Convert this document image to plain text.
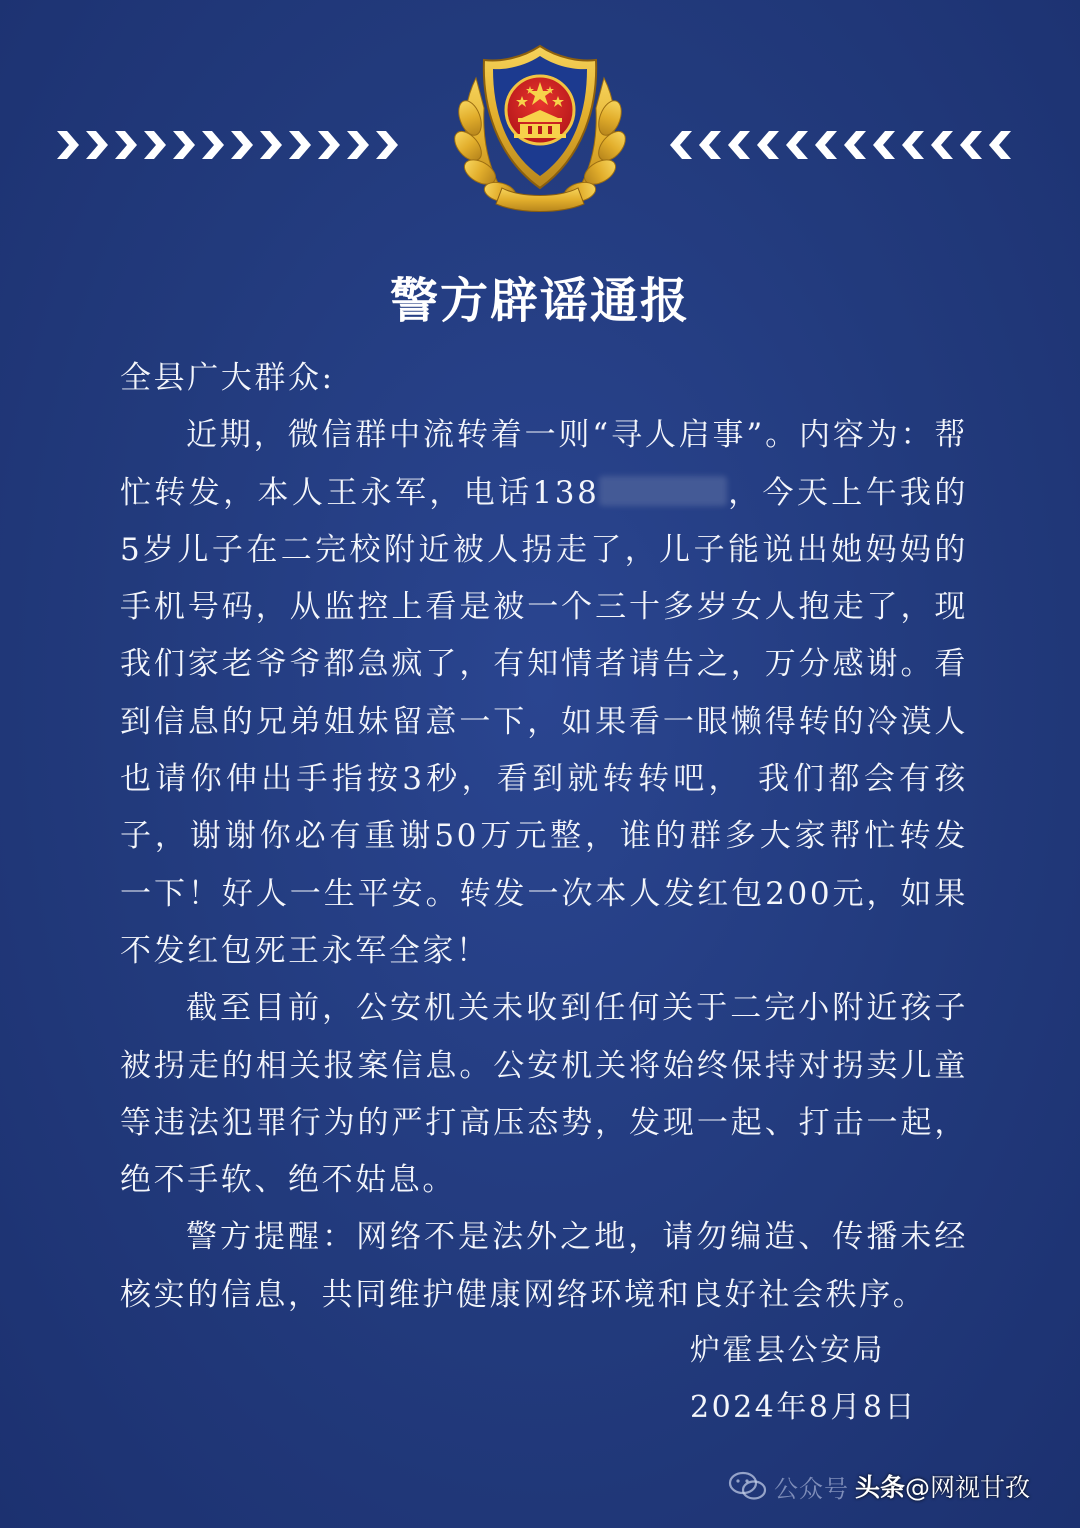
警方辟谣通报

全县广大群众:

近期，微信群中流转着一则“寻人启事”。内容为：帮忙转发，本人王永军，电话138	，今天上午我的5岁儿子在二完校附近被人拐走了，儿子能说出她妈妈的手机号码，从监控上看是被一个三十多岁女人抱走了，现我们家老爷爷都急疯了，有知情者请告之，万分感谢。看到信息的兄弟姐妹留意一下，如果看一眼懒得转的冷漠人也请你伸出手指按3秒，看到就转转吧， 我们都会有孩子，谢谢你必有重谢50万元整，谁的群多大家帮忙转发一下！好人一生平安。转发一次本人发红包200元，如果不发红包死王永军全家！

截至目前，公安机关未收到任何关于二完小附近孩子被拐走的相关报案信息。公安机关将始终保持对拐卖儿童等违法犯罪行为的严打高压态势，发现一起、打击一起，绝不手软、绝不姑息。

警方提醒：网络不是法外之地，请勿编造、传播未经核实的信息，共同维护健康网络环境和良好社会秩序。

炉霍县公安局
2024年8月8日
公众号 头条 @网视甘孜
